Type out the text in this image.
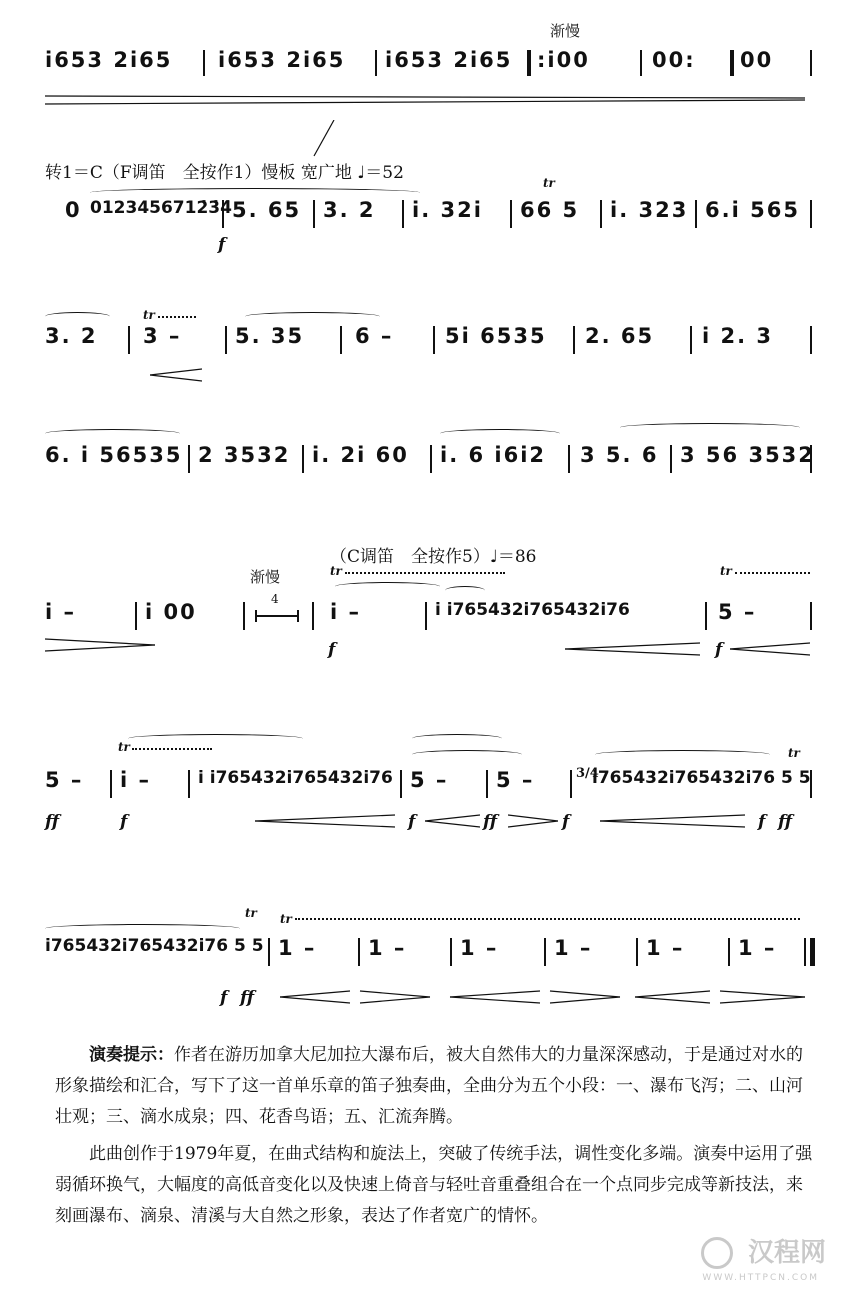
渐慢
i653 2i65 i653 2i65 i653 2i65 :i00	00: 00
转1＝C（F调笛　全按作1）慢板 宽广地 ♩＝52	tr
0 0123456712̇3̇4̇ 5. 65 3. 2 i. 32i 66 5 i. 323 6.i 565
f
tr
3. 2 3 –	5. 35 6 – 5i 6535 2. 65 i 2. 3
6. i 56535 2 3532 i. 2i 60 i. 6 i6i2 3 5. 6 3 56 3532
（C调笛　全按作5）♩＝86
渐慢	tr	tr
i –	i 00
4
i –	i i765432i765432i76	5 –
f	f
tr	tr
3/4
5 – i –	i i765432i765432i76 5 – 5 –	i765432i765432i76 5 5
ff	f	f	ff	f	f ff
tr tr
i765432i765432i76 5 5 1 – 1 –	1 –	1 –	1 –	1 –
f ff

演奏提示：作者在游历加拿大尼加拉大瀑布后，被大自然伟大的力量深深感动，于是通过对水的形象描绘和汇合，写下了这一首单乐章的笛子独奏曲，全曲分为五个小段：一、瀑布飞泻；二、山河壮观；三、滴水成泉；四、花香鸟语；五、汇流奔腾。

此曲创作于1979年夏，在曲式结构和旋法上，突破了传统手法，调性变化多端。演奏中运用了强弱循环换气，大幅度的高低音变化以及快速上倚音与轻吐音重叠组合在一个点同步完成等新技法，来刻画瀑布、滴泉、清溪与大自然之形象，表达了作者宽广的情怀。

汉程网
WWW.HTTPCN.COM
